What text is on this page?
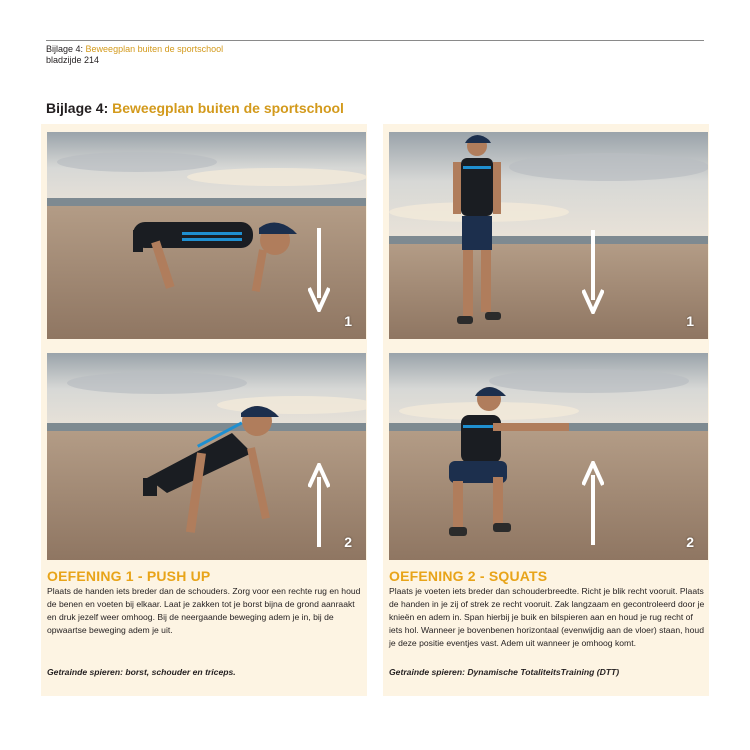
Bijlage 4: Beweegplan buiten de sportschool
bladzijde 214
Bijlage 4: Beweegplan buiten de sportschool
1
2
OEFENING 1 - PUSH UP
Plaats de handen iets breder dan de schouders. Zorg voor een rechte rug en houd de benen en voeten bij elkaar. Laat je zakken tot je borst bijna de grond aanraakt en druk jezelf weer omhoog. Bij de neergaande beweging adem je in, bij de opwaartse beweging adem je uit.
Getrainde spieren: borst, schouder en triceps.
1
2
OEFENING 2 - SQUATS
Plaats je voeten iets breder dan schouderbreedte. Richt je blik recht vooruit. Plaats de handen in je zij of strek ze recht vooruit. Zak langzaam en gecontroleerd door je knieën en adem in. Span hierbij je buik en bilspieren aan en houd je rug recht of iets hol. Wanneer je bovenbenen horizontaal (evenwijdig aan de vloer) staan, houd je deze positie eventjes vast. Adem uit wanneer je omhoog komt.
Getrainde spieren: Dynamische TotaliteitsTraining (DTT)
